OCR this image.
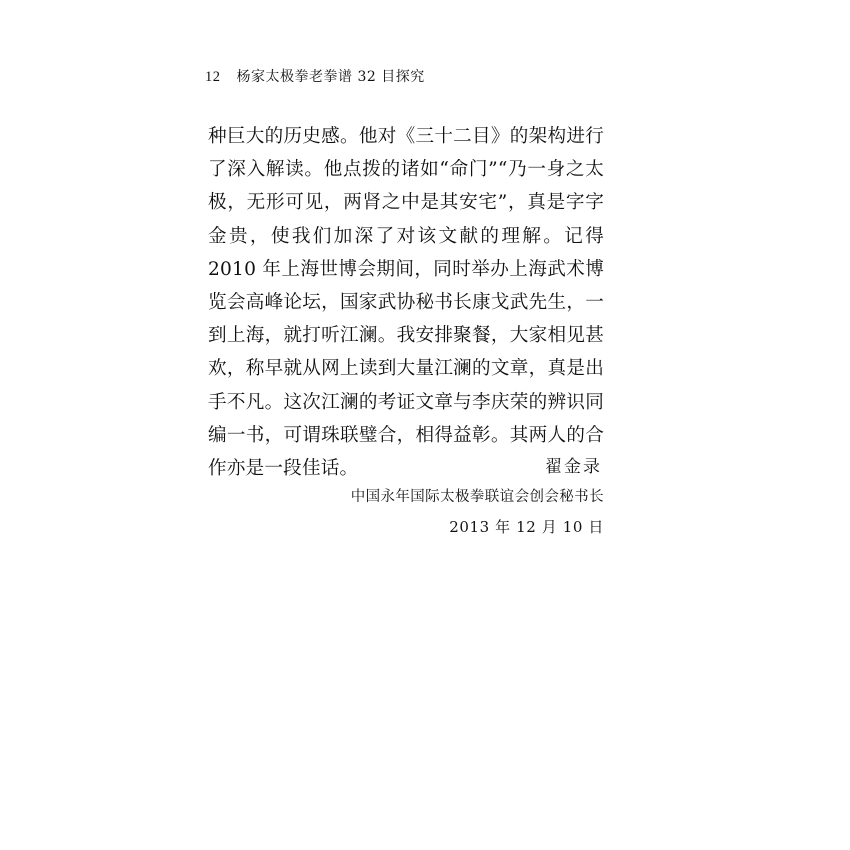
12 杨家太极拳老拳谱 32 目探究

种巨大的历史感。他对《三十二目》的架构进行了深入解读。他点拨的诸如“命门”“乃一身之太极，无形可见，两肾之中是其安宅”，真是字字金贵，使我们加深了对该文献的理解。记得 2010 年上海世博会期间，同时举办上海武术博览会高峰论坛，国家武协秘书长康戈武先生，一到上海，就打听江澜。我安排聚餐，大家相见甚欢，称早就从网上读到大量江澜的文章，真是出手不凡。这次江澜的考证文章与李庆荣的辨识同编一书，可谓珠联璧合，相得益彰。其两人的合作亦是一段佳话。	翟金录
中国永年国际太极拳联谊会创会秘书长
2013 年 12 月 10 日
